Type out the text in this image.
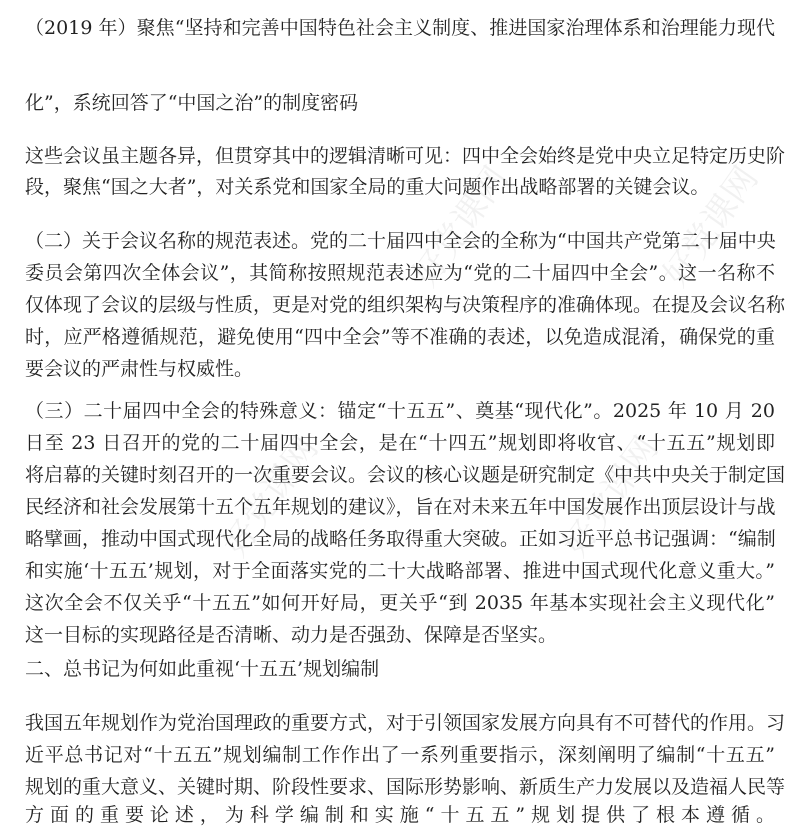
好党课网	好党课网
好党课网	好党课网
（2019 年）聚焦“坚持和完善中国特色社会主义制度、推进国家治理体系和治理能力现代
化”，系统回答了“中国之治”的制度密码
这些会议虽主题各异，但贯穿其中的逻辑清晰可见：四中全会始终是党中央立足特定历史阶
段，聚焦“国之大者”，对关系党和国家全局的重大问题作出战略部署的关键会议。
（二）关于会议名称的规范表述。党的二十届四中全会的全称为“中国共产党第二十届中央
委员会第四次全体会议”，其简称按照规范表述应为“党的二十届四中全会”。这一名称不
仅体现了会议的层级与性质，更是对党的组织架构与决策程序的准确体现。在提及会议名称
时，应严格遵循规范，避免使用“四中全会”等不准确的表述，以免造成混淆，确保党的重
要会议的严肃性与权威性。
（三）二十届四中全会的特殊意义：锚定“十五五”、奠基“现代化”。2025 年 10 月 20
日至 23 日召开的党的二十届四中全会，是在“十四五”规划即将收官、“十五五”规划即
将启幕的关键时刻召开的一次重要会议。会议的核心议题是研究制定《中共中央关于制定国
民经济和社会发展第十五个五年规划的建议》，旨在对未来五年中国发展作出顶层设计与战
略擘画，推动中国式现代化全局的战略任务取得重大突破。正如习近平总书记强调：“编制
和实施‘十五五’规划，对于全面落实党的二十大战略部署、推进中国式现代化意义重大。”
这次全会不仅关乎“十五五”如何开好局，更关乎“到 2035 年基本实现社会主义现代化”
这一目标的实现路径是否清晰、动力是否强劲、保障是否坚实。
二、总书记为何如此重视‘十五五’规划编制
我国五年规划作为党治国理政的重要方式，对于引领国家发展方向具有不可替代的作用。习
近平总书记对“十五五”规划编制工作作出了一系列重要指示，深刻阐明了编制“十五五”
规划的重大意义、关键时期、阶段性要求、国际形势影响、新质生产力发展以及造福人民等
方面的重要论述，为科学编制和实施“十五五”规划提供了根本遵循。
